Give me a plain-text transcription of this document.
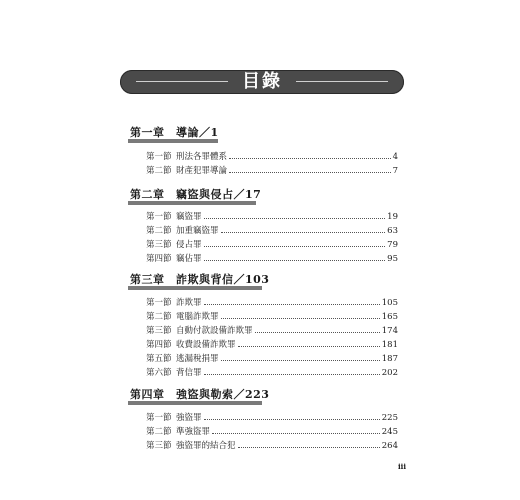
目錄
第一章　導論／1
第一節 刑法各罪體系	4
第二節 財產犯罪導論	7
第二章　竊盜與侵占／17
第一節 竊盜罪	19
第二節 加重竊盜罪	63
第三節 侵占罪	79
第四節 竊佔罪	95
第三章　詐欺與背信／103
第一節 詐欺罪	105
第二節 電腦詐欺罪	165
第三節 自動付款設備詐欺罪	174
第四節 收費設備詐欺罪	181
第五節 逃漏稅捐罪	187
第六節 背信罪	202
第四章　強盜與勒索／223
第一節 強盜罪	225
第二節 準強盜罪	245
第三節 強盜罪的結合犯	264
iii
